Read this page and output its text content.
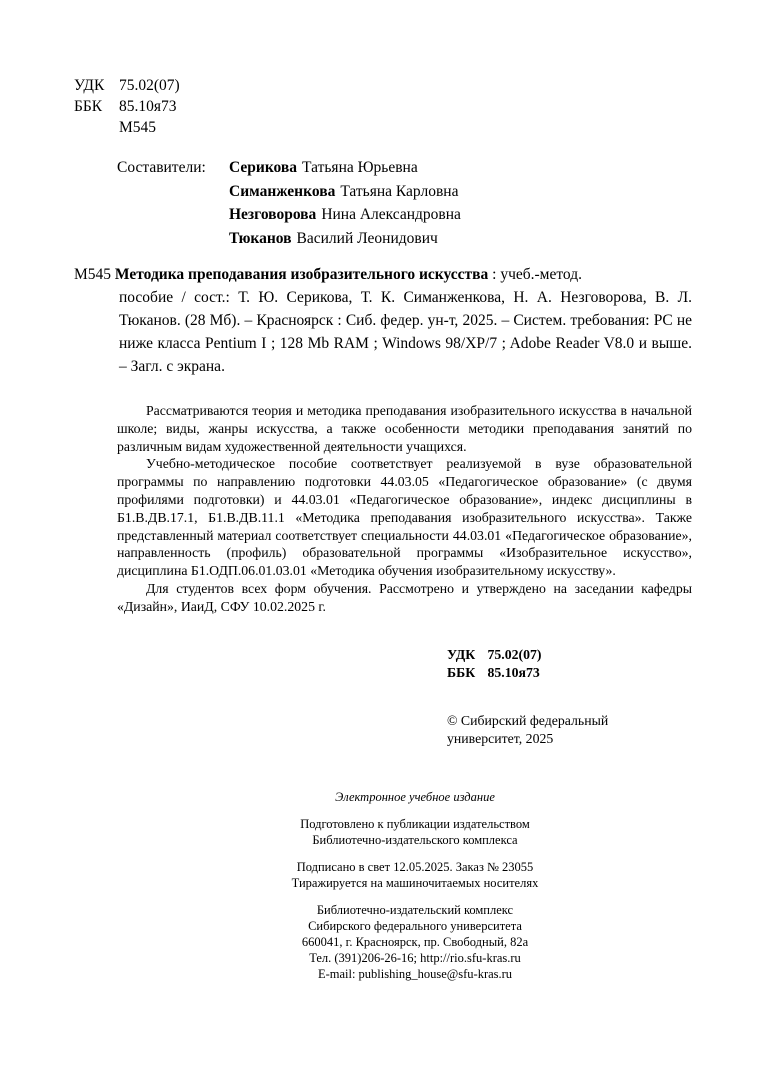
УДК 75.02(07)
ББК	85.10я73
М545
Составители:	Серикова Татьяна Юрьевна
Симанженкова Татьяна Карловна
Незговорова Нина Александровна
Тюканов Василий Леонидович
М545 Методика преподавания изобразительного искусства : учеб.-метод.
пособие / сост.: Т. Ю. Серикова, Т. К. Симанженкова, Н. А. Незговорова, В. Л. Тюканов. (28 Мб). – Красноярск : Сиб. федер. ун-т, 2025. – Систем. требования: PC не ниже класса Pentium I ; 128 Mb RAM ; Windows 98/XP/7 ; Adobe Reader V8.0 и выше. – Загл. с экрана.

Рассматриваются теория и методика преподавания изобразительного искусства в начальной школе; виды, жанры искусства, а также особенности методики преподавания занятий по различным видам художественной деятельности учащихся.

Учебно-методическое пособие соответствует реализуемой в вузе образовательной программы по направлению подготовки 44.03.05 «Педагогическое образование» (с двумя профилями подготовки) и 44.03.01 «Педагогическое образование», индекс дисциплины в Б1.В.ДВ.17.1, Б1.В.ДВ.11.1 «Методика преподавания изобразительного искусства». Также представленный материал соответствует специальности 44.03.01 «Педагогическое образование», направленность (профиль) образовательной программы «Изобразительное искусство», дисциплина Б1.ОДП.06.01.03.01 «Методика обучения изобразительному искусству».

Для студентов всех форм обучения. Рассмотрено и утверждено на заседании кафедры «Дизайн», ИаиД, СФУ 10.02.2025 г.

УДК 75.02(07)
ББК 85.10я73
© Сибирский федеральный
университет, 2025
Электронное учебное издание
Подготовлено к публикации издательством
Библиотечно-издательского комплекса
Подписано в свет 12.05.2025. Заказ № 23055
Тиражируется на машиночитаемых носителях
Библиотечно-издательский комплекс
Сибирского федерального университета
660041, г. Красноярск, пр. Свободный, 82а
Тел. (391)206-26-16; http://rio.sfu-kras.ru
E-mail: publishing_house@sfu-kras.ru
